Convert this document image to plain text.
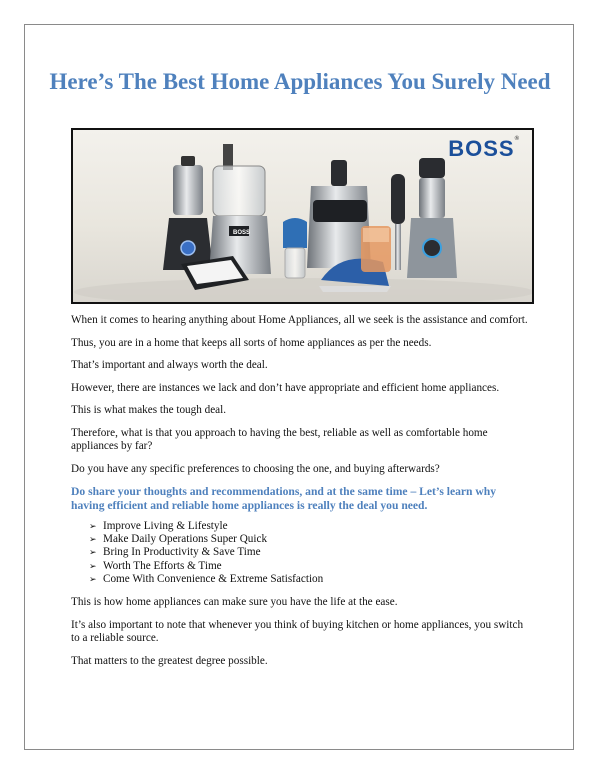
Here’s The Best Home Appliances You Surely Need
BOSS
BOSS®

When it comes to hearing anything about Home Appliances, all we seek is the assistance and comfort.

Thus, you are in a home that keeps all sorts of home appliances as per the needs.

That’s important and always worth the deal.

However, there are instances we lack and don’t have appropriate and efficient home appliances.

This is what makes the tough deal.

Therefore, what is that you approach to having the best, reliable as well as comfortable home appliances by far?

Do you have any specific preferences to choosing the one, and buying afterwards?

Do share your thoughts and recommendations, and at the same time – Let’s learn why having efficient and reliable home appliances is really the deal you need.

➢ Improve Living & Lifestyle
➢ Make Daily Operations Super Quick
➢ Bring In Productivity & Save Time
➢ Worth The Efforts & Time
➢ Come With Convenience & Extreme Satisfaction

This is how home appliances can make sure you have the life at the ease.

It’s also important to note that whenever you think of buying kitchen or home appliances, you switch to a reliable source.

That matters to the greatest degree possible.
